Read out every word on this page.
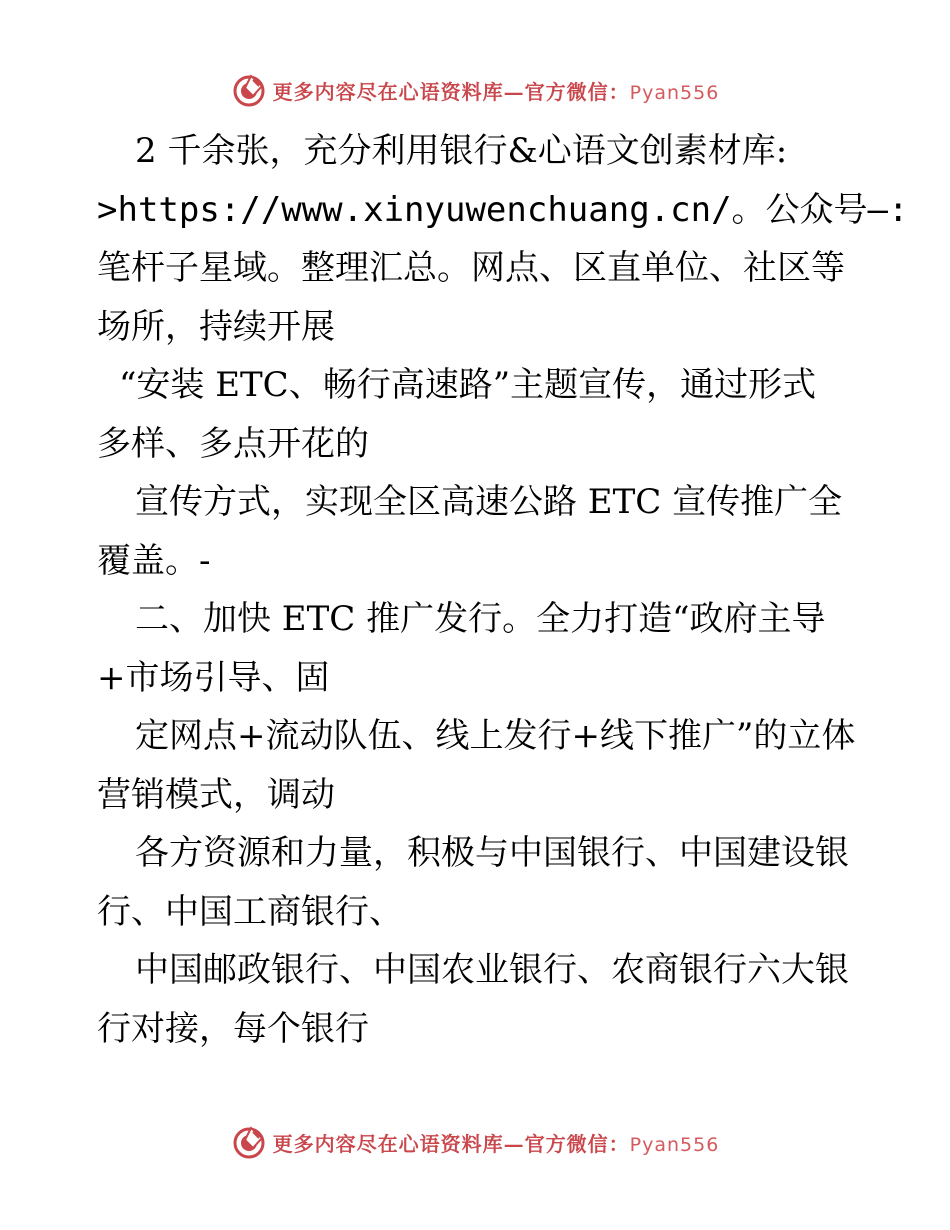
更多内容尽在心语资料库—官方微信：Pyan556
2 千余张，充分利用银行&心语文创素材库:
>https://www.xinyuwenchuang.cn/。公众号—:
笔杆子星域。整理汇总。网点、区直单位、社区等
场所，持续开展
“安装 ETC、畅行高速路”主题宣传，通过形式
多样、多点开花的
宣传方式，实现全区高速公路 ETC 宣传推广全
覆盖。-
二、加快 ETC 推广发行。全力打造“政府主导
+市场引导、固
定网点+流动队伍、线上发行+线下推广”的立体
营销模式，调动
各方资源和力量，积极与中国银行、中国建设银
行、中国工商银行、
中国邮政银行、中国农业银行、农商银行六大银
行对接，每个银行
更多内容尽在心语资料库—官方微信：Pyan556
